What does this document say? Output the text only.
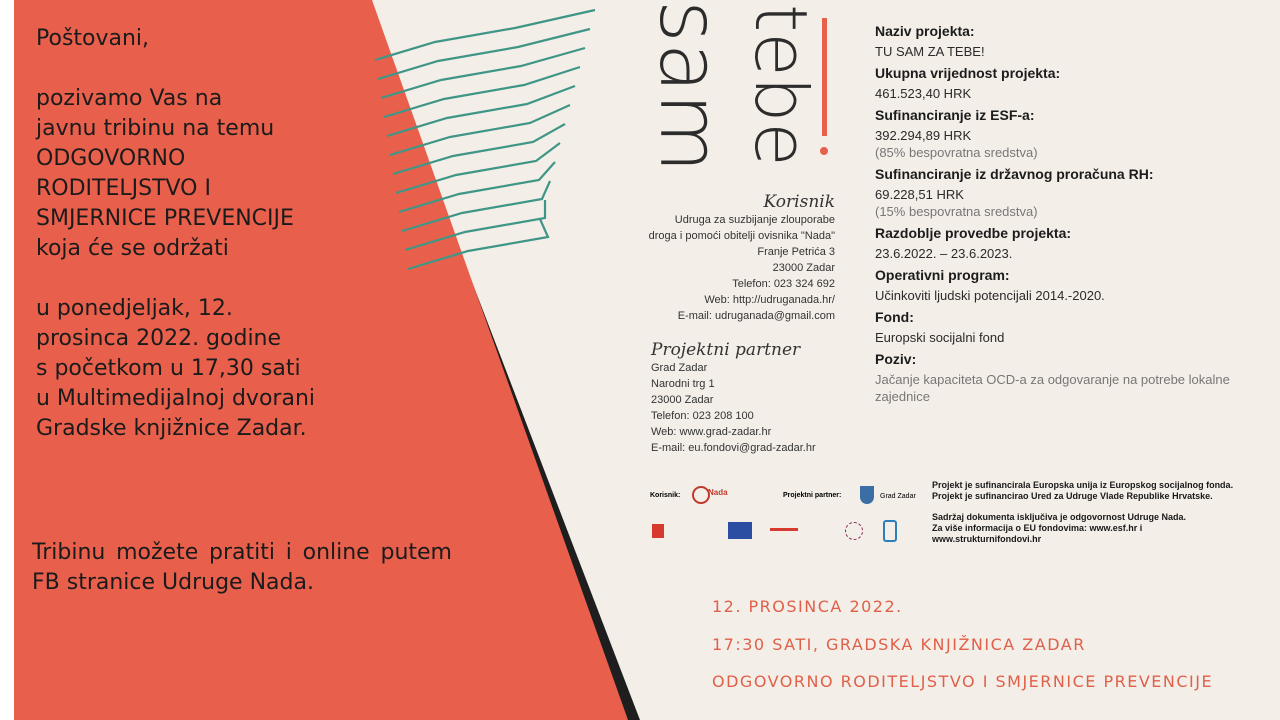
Poštovani,

pozivamo Vas na

javnu tribinu na temu

ODGOVORNO

RODITELJSTVO I

SMJERNICE PREVENCIJE

koja će se održati

u ponedjeljak, 12.

prosinca 2022. godine

s početkom u 17,30 sati

u Multimedijalnoj dvorani

Gradske knjižnice Zadar.

Tribinu možete pratiti i online putem FB stranice Udruge Nada.
sam tebe
Korisnik
Udruga za suzbijanje zlouporabe
droga i pomoći obitelji ovisnika "Nada"
Franje Petrića 3
23000 Zadar
Telefon: 023 324 692
Web: http://udruganada.hr/
E-mail: udruganada@gmail.com
Projektni partner
Grad Zadar
Narodni trg 1
23000 Zadar
Telefon: 023 208 100
Web: www.grad-zadar.hr
E-mail: eu.fondovi@grad-zadar.hr
Naziv projekta:
TU SAM ZA TEBE!
Ukupna vrijednost projekta:
461.523,40 HRK
Sufinanciranje iz ESF-a:
392.294,89 HRK
(85% bespovratna sredstva)
Sufinanciranje iz državnog proračuna RH:
69.228,51 HRK
(15% bespovratna sredstva)
Razdoblje provedbe projekta:
23.6.2022. – 23.6.2023.
Operativni program:
Učinkoviti ljudski potencijali 2014.-2020.
Fond:
Europski socijalni fond
Poziv:
Jačanje kapaciteta OCD-a za odgovaranje na potrebe lokalne zajednice
Korisnik:	Nada	Projektni partner:	Grad Zadar

Projekt je sufinancirala Europska unija iz Europskog socijalnog fonda.

Projekt je sufinancirao Ured za Udruge Vlade Republike Hrvatske.

Sadržaj dokumenta isključiva je odgovornost Udruge Nada.

Za više informacija o EU fondovima: www.esf.hr i

www.strukturnifondovi.hr

12. PROSINCA 2022.
17:30 SATI, GRADSKA KNJIŽNICA ZADAR
ODGOVORNO RODITELJSTVO I SMJERNICE PREVENCIJE
